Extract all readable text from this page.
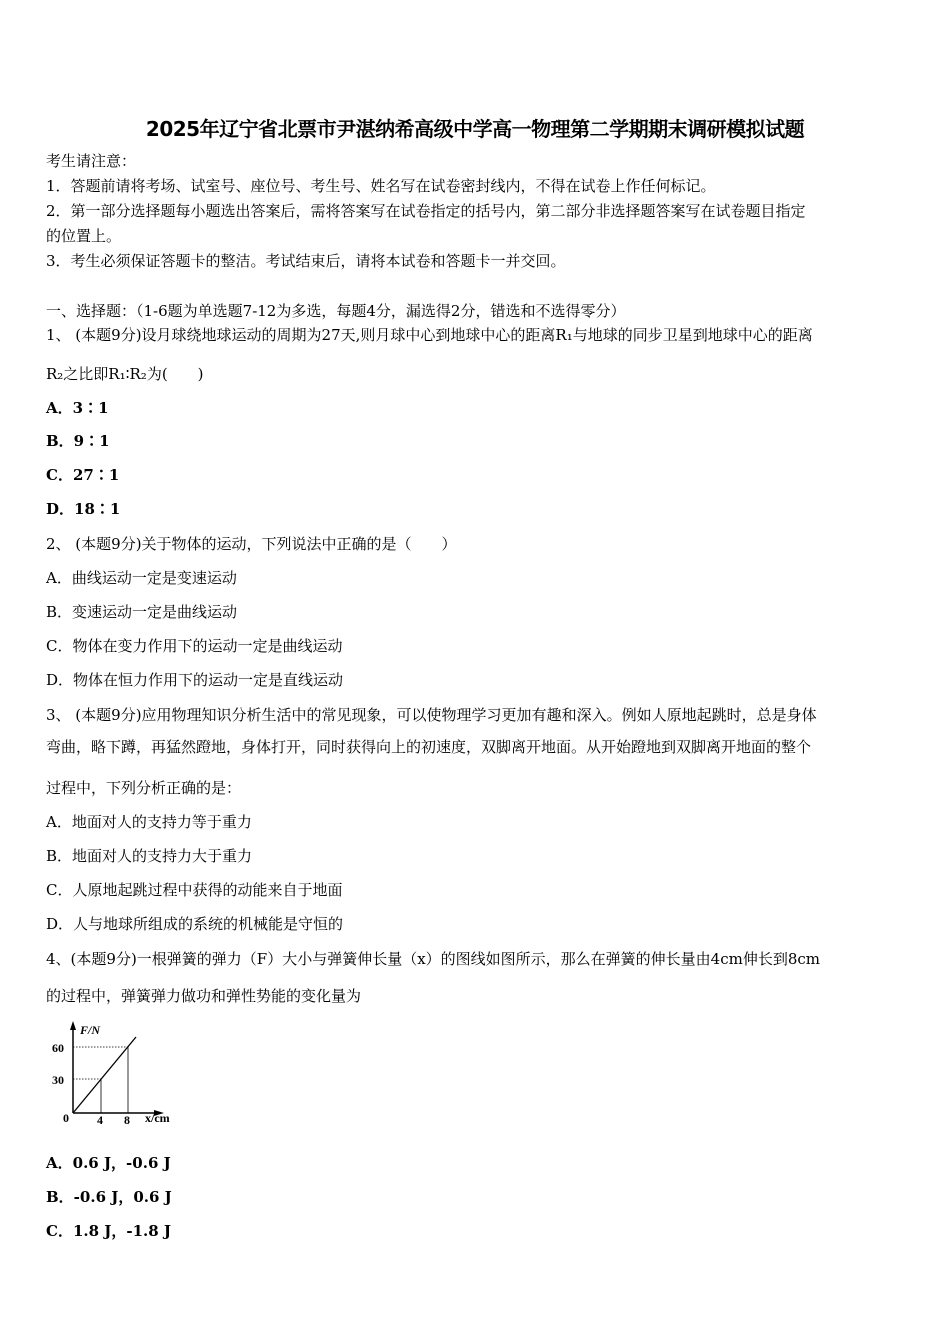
2025年辽宁省北票市尹湛纳希高级中学高一物理第二学期期末调研模拟试题
考生请注意：
1．答题前请将考场、试室号、座位号、考生号、姓名写在试卷密封线内，不得在试卷上作任何标记。
2．第一部分选择题每小题选出答案后，需将答案写在试卷指定的括号内，第二部分非选择题答案写在试卷题目指定
的位置上。
3．考生必须保证答题卡的整洁。考试结束后，请将本试卷和答题卡一并交回。
一、选择题：（1-6题为单选题7-12为多选，每题4分，漏选得2分，错选和不选得零分）
1、 (本题9分)设月球绕地球运动的周期为27天,则月球中心到地球中心的距离R₁与地球的同步卫星到地球中心的距离
R₂之比即R₁∶R₂为(　　)
A．3∶1
B．9∶1
C．27∶1
D．18∶1
2、 (本题9分)关于物体的运动，下列说法中正确的是（　　）
A．曲线运动一定是变速运动
B．变速运动一定是曲线运动
C．物体在变力作用下的运动一定是曲线运动
D．物体在恒力作用下的运动一定是直线运动
3、 (本题9分)应用物理知识分析生活中的常见现象，可以使物理学习更加有趣和深入。例如人原地起跳时，总是身体
弯曲，略下蹲，再猛然蹬地，身体打开，同时获得向上的初速度，双脚离开地面。从开始蹬地到双脚离开地面的整个
过程中，下列分析正确的是：
A．地面对人的支持力等于重力
B．地面对人的支持力大于重力
C．人原地起跳过程中获得的动能来自于地面
D．人与地球所组成的系统的机械能是守恒的
4、(本题9分)一根弹簧的弹力（F）大小与弹簧伸长量（x）的图线如图所示，那么在弹簧的伸长量由4cm伸长到8cm
的过程中，弹簧弹力做功和弹性势能的变化量为
F/N
60
30
0 4 8 x/cm
A．0.6 J，-0.6 J
B．-0.6 J，0.6 J
C．1.8 J，-1.8 J
